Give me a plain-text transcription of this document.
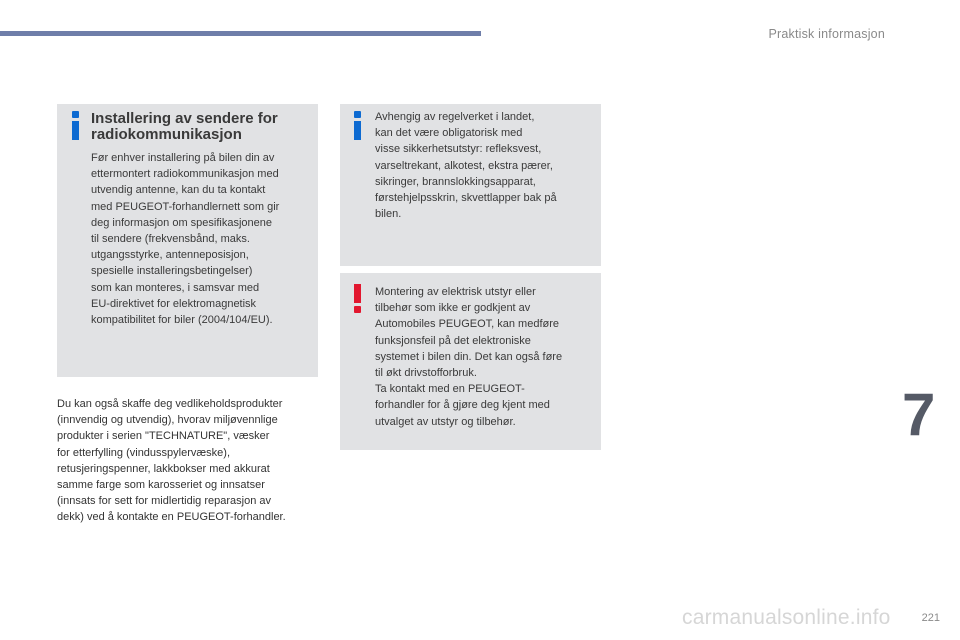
Praktisk informasjon
Installering av sendere for radiokommunikasjon
Før enhver installering på bilen din av
ettermontert radiokommunikasjon med
utvendig antenne, kan du ta kontakt
med PEUGEOT-forhandlernett som gir
deg informasjon om spesifikasjonene
til sendere (frekvensbånd, maks.
utgangsstyrke, antenneposisjon,
spesielle installeringsbetingelser)
som kan monteres, i samsvar med
EU-direktivet for elektromagnetisk
kompatibilitet for biler (2004/104/EU).
Avhengig av regelverket i landet,
kan det være obligatorisk med
visse sikkerhetsutstyr: refleksvest,
varseltrekant, alkotest, ekstra pærer,
sikringer, brannslokkingsapparat,
førstehjelpsskrin, skvettlapper bak på
bilen.
Montering av elektrisk utstyr eller
tilbehør som ikke er godkjent av
Automobiles PEUGEOT, kan medføre
funksjonsfeil på det elektroniske
systemet i bilen din. Det kan også føre
til økt drivstofforbruk.
Ta kontakt med en PEUGEOT-
forhandler for å gjøre deg kjent med
utvalget av utstyr og tilbehør.
Du kan også skaffe deg vedlikeholdsprodukter
(innvendig og utvendig), hvorav miljøvennlige
produkter i serien "TECHNATURE", væsker
for etterfylling (vindusspylervæske),
retusjeringspenner, lakkbokser med akkurat
samme farge som karosseriet og innsatser
(innsats for sett for midlertidig reparasjon av
dekk) ved å kontakte en PEUGEOT-forhandler.
7
221
carmanualsonline.info
